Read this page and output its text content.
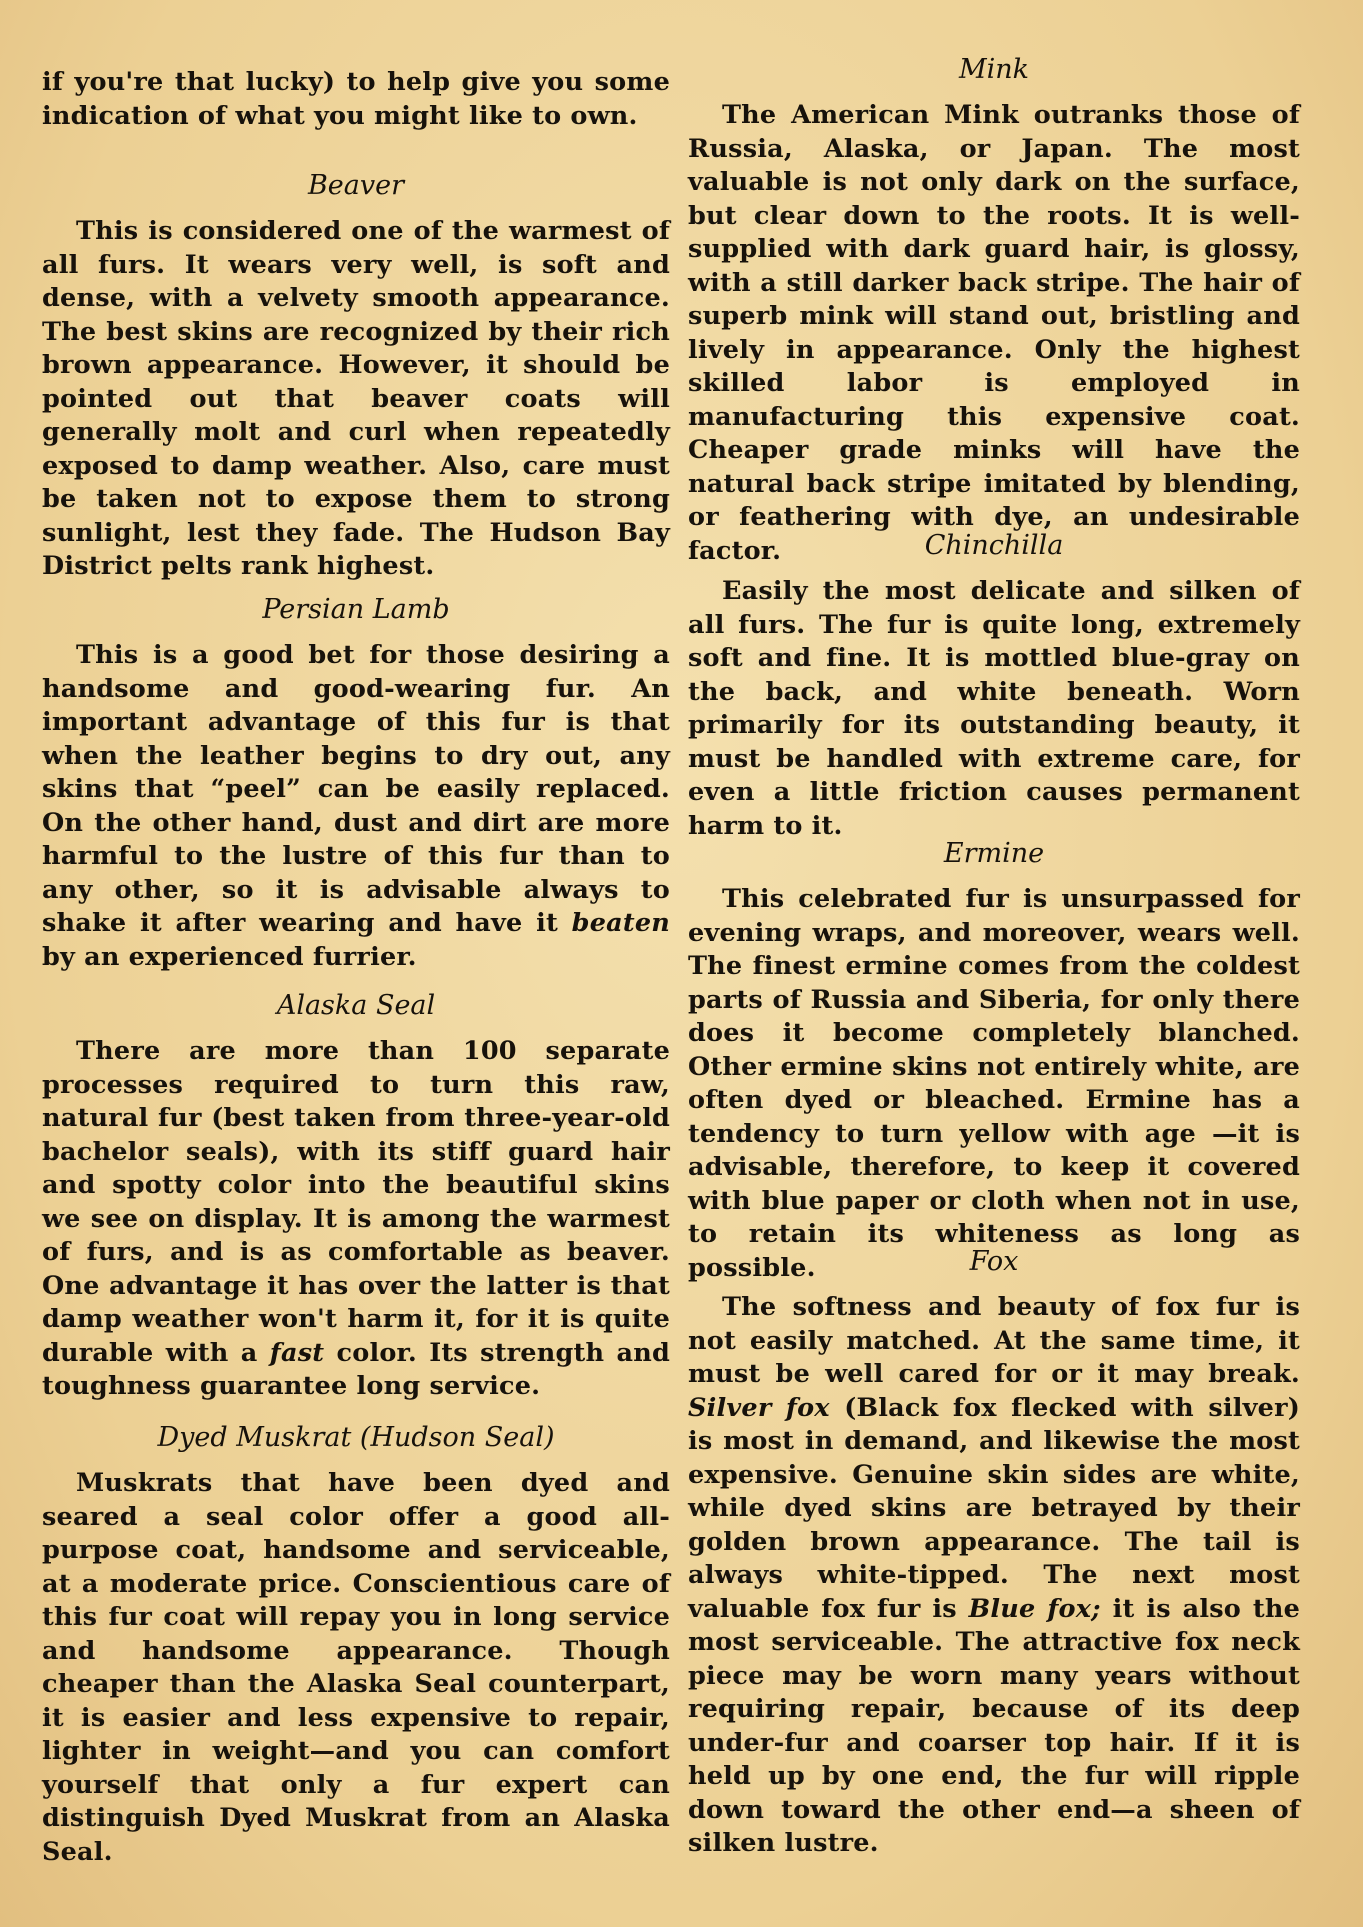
if you're that lucky) to help give you some indication of what you might like to own.

Beaver

This is considered one of the warmest of all furs. It wears very well, is soft and dense, with a velvety smooth appearance. The best skins are recognized by their rich brown appearance. However, it should be pointed out that beaver coats will generally molt and curl when repeatedly exposed to damp weather. Also, care must be taken not to expose them to strong sunlight, lest they fade. The Hudson Bay District pelts rank highest.

Persian Lamb

This is a good bet for those desiring a handsome and good-wearing fur. An important advantage of this fur is that when the leather begins to dry out, any skins that “peel” can be easily replaced. On the other hand, dust and dirt are more harmful to the lustre of this fur than to any other, so it is advisable always to shake it after wearing and have it beaten by an experienced furrier.

Alaska Seal

There are more than 100 separate processes required to turn this raw, natural fur (best taken from three-year-old bachelor seals), with its stiff guard hair and spotty color into the beautiful skins we see on display. It is among the warmest of furs, and is as comfortable as beaver. One advantage it has over the latter is that damp weather won't harm it, for it is quite durable with a fast color. Its strength and toughness guarantee long service.

Dyed Muskrat (Hudson Seal)

Muskrats that have been dyed and seared a seal color offer a good all-purpose coat, handsome and serviceable, at a moderate price. Conscientious care of this fur coat will repay you in long service and handsome appearance. Though cheaper than the Alaska Seal counterpart, it is easier and less expensive to repair, lighter in weight—and you can comfort yourself that only a fur expert can distinguish Dyed Muskrat from an Alaska Seal.

Mink

The American Mink outranks those of Russia, Alaska, or Japan. The most valuable is not only dark on the surface, but clear down to the roots. It is well-supplied with dark guard hair, is glossy, with a still darker back stripe. The hair of superb mink will stand out, bristling and lively in appearance. Only the highest skilled labor is employed in manufacturing this expensive coat. Cheaper grade minks will have the natural back stripe imitated by blending, or feathering with dye, an undesirable factor.	Chinchilla

Easily the most delicate and silken of all furs. The fur is quite long, extremely soft and fine. It is mottled blue-gray on the back, and white beneath. Worn primarily for its outstanding beauty, it must be handled with extreme care, for even a little friction causes permanent harm to it.

Ermine

This celebrated fur is unsurpassed for evening wraps, and moreover, wears well. The finest ermine comes from the coldest parts of Russia and Siberia, for only there does it become completely blanched. Other ermine skins not entirely white, are often dyed or bleached. Ermine has a tendency to turn yellow with age —it is advisable, therefore, to keep it covered with blue paper or cloth when not in use, to retain its whiteness as long as possible.	Fox

The softness and beauty of fox fur is not easily matched. At the same time, it must be well cared for or it may break. Silver fox (Black fox flecked with silver) is most in demand, and likewise the most expensive. Genuine skin sides are white, while dyed skins are betrayed by their golden brown appearance. The tail is always white-tipped. The next most valuable fox fur is Blue fox; it is also the most serviceable. The attractive fox neck piece may be worn many years without requiring repair, because of its deep under-fur and coarser top hair. If it is held up by one end, the fur will ripple down toward the other end—a sheen of silken lustre.
